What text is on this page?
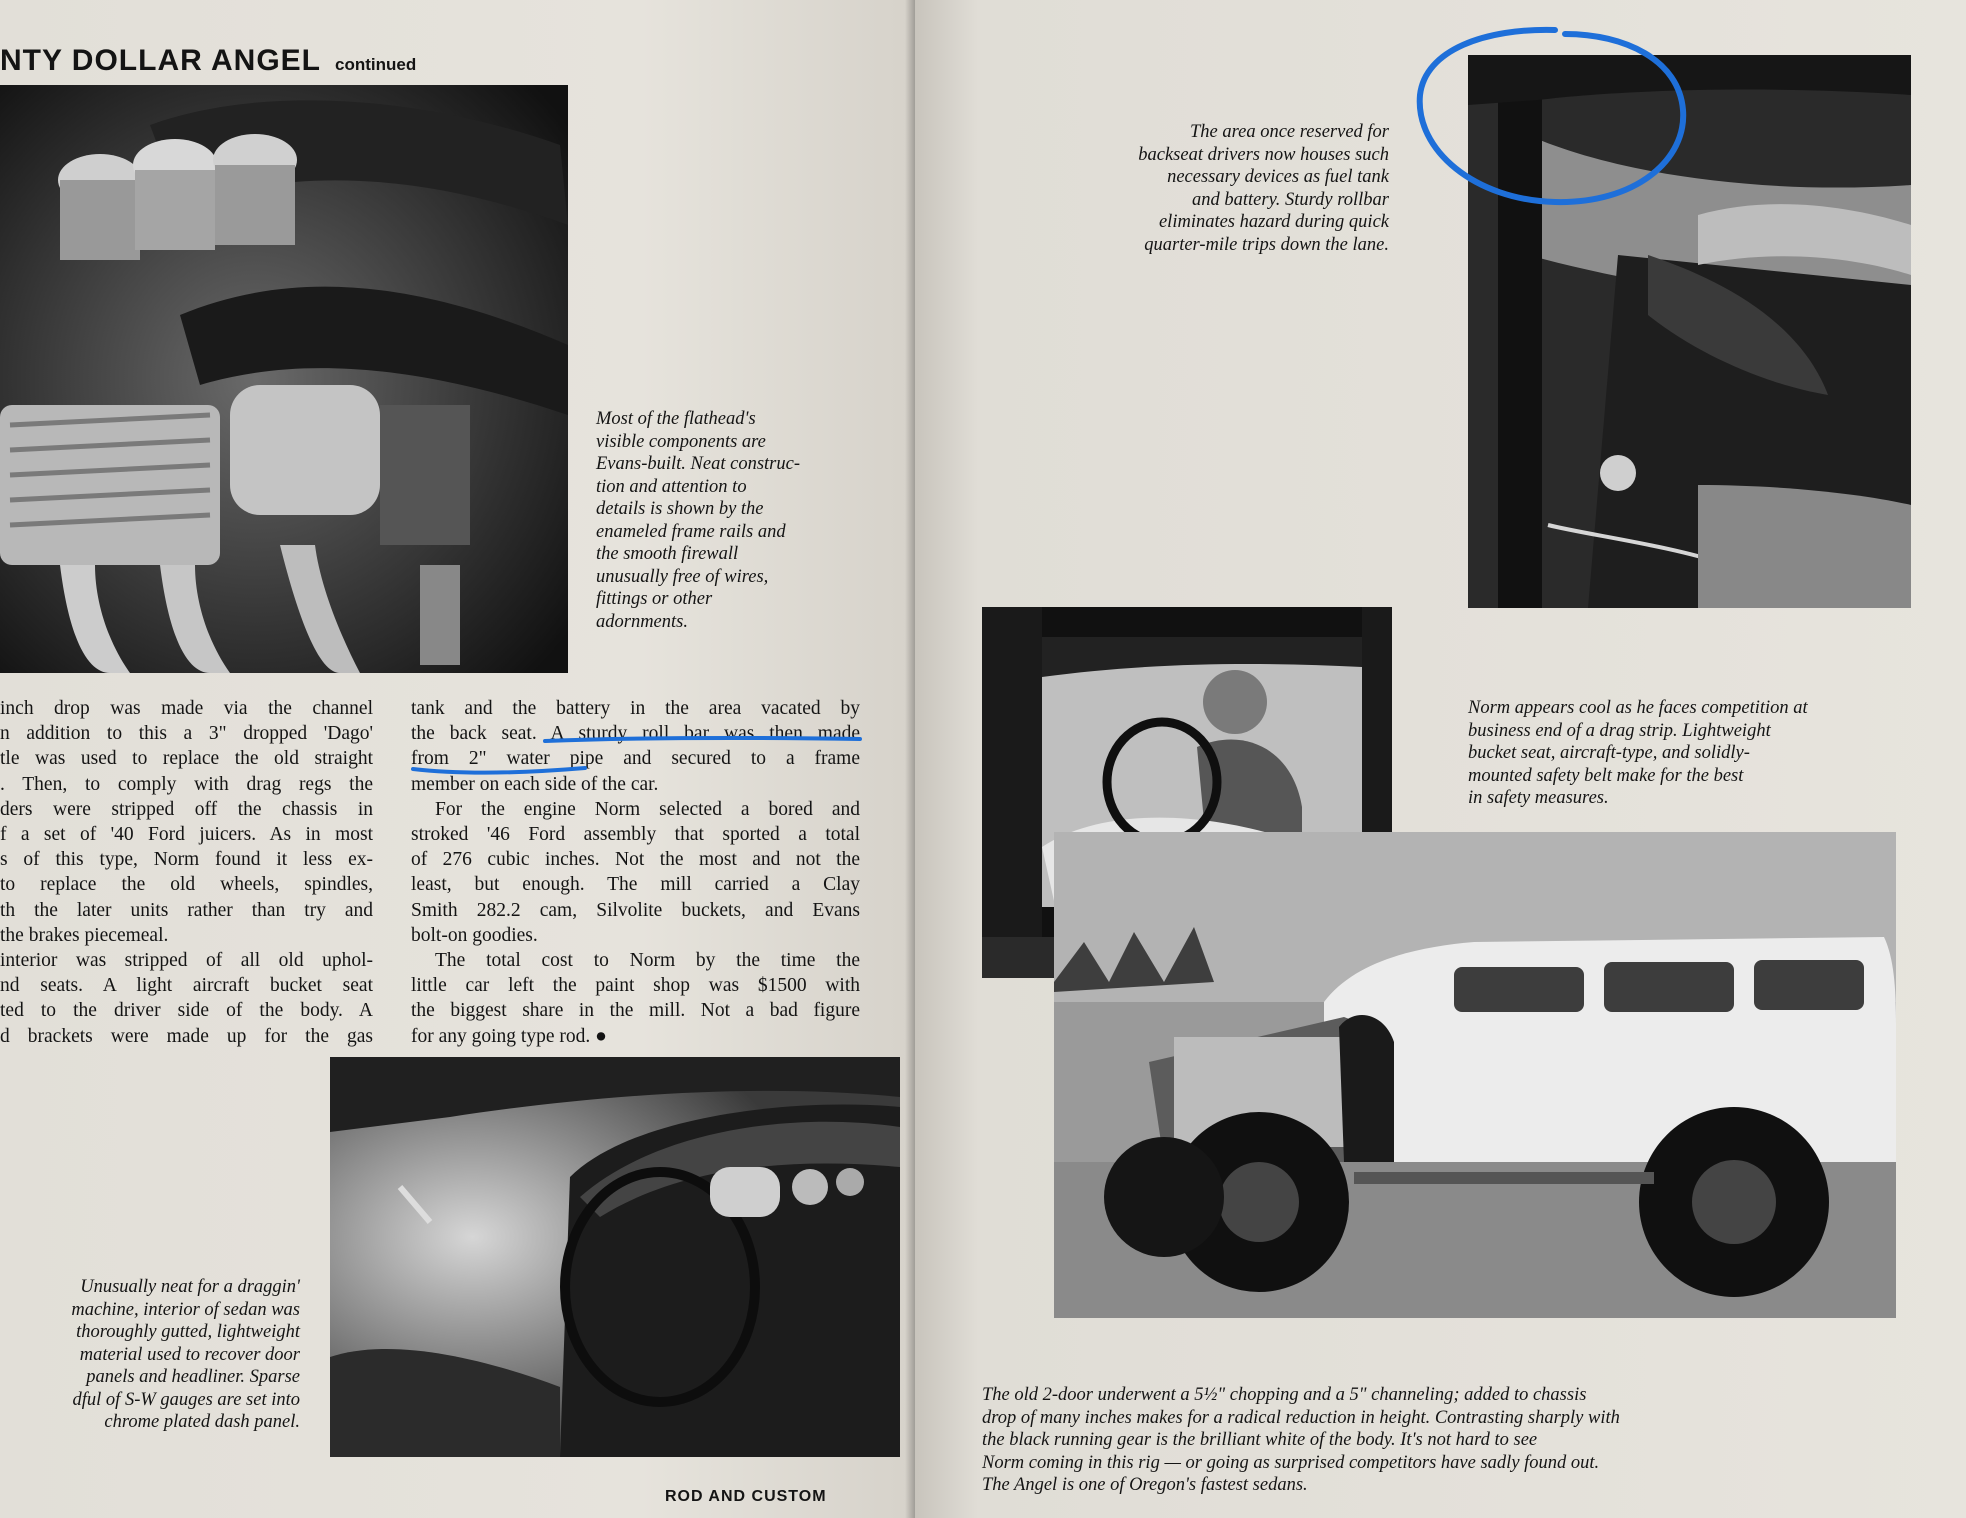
NTY DOLLAR ANGEL continued
Most of the flathead's
visible components are
Evans-built. Neat construc-
tion and attention to
details is shown by the
enameled frame rails and
the smooth firewall
unusually free of wires,
fittings or other
adornments.
inch drop was made via the channel
n addition to this a 3" dropped 'Dago'
tle was used to replace the old straight
. Then, to comply with drag regs the
ders were stripped off the chassis in
f a set of '40 Ford juicers. As in most
s of this type, Norm found it less ex-
to replace the old wheels, spindles,
th the later units rather than try and
the brakes piecemeal.
interior was stripped of all old uphol-
nd seats. A light aircraft bucket seat
ted to the driver side of the body. A
d brackets were made up for the gas
tank and the battery in the area vacated by
the back seat. A sturdy roll bar was then made
from 2" water pipe and secured to a frame
member on each side of the car.
For the engine Norm selected a bored and
stroked '46 Ford assembly that sported a total
of 276 cubic inches. Not the most and not the
least, but enough. The mill carried a Clay
Smith 282.2 cam, Silvolite buckets, and Evans
bolt-on goodies.
The total cost to Norm by the time the
little car left the paint shop was $1500 with
the biggest share in the mill. Not a bad figure
for any going type rod. ●
Unusually neat for a draggin'
machine, interior of sedan was
thoroughly gutted, lightweight
material used to recover door
panels and headliner. Sparse
dful of S-W gauges are set into
chrome plated dash panel.
ROD AND CUSTOM
The area once reserved for
backseat drivers now houses such
necessary devices as fuel tank
and battery. Sturdy rollbar
eliminates hazard during quick
quarter-mile trips down the lane.
Norm appears cool as he faces competition at
business end of a drag strip. Lightweight
bucket seat, aircraft-type, and solidly-
mounted safety belt make for the best
in safety measures.
The old 2-door underwent a 5½" chopping and a 5" channeling; added to chassis
drop of many inches makes for a radical reduction in height. Contrasting sharply with
the black running gear is the brilliant white of the body. It's not hard to see
Norm coming in this rig — or going as surprised competitors have sadly found out.
The Angel is one of Oregon's fastest sedans.
